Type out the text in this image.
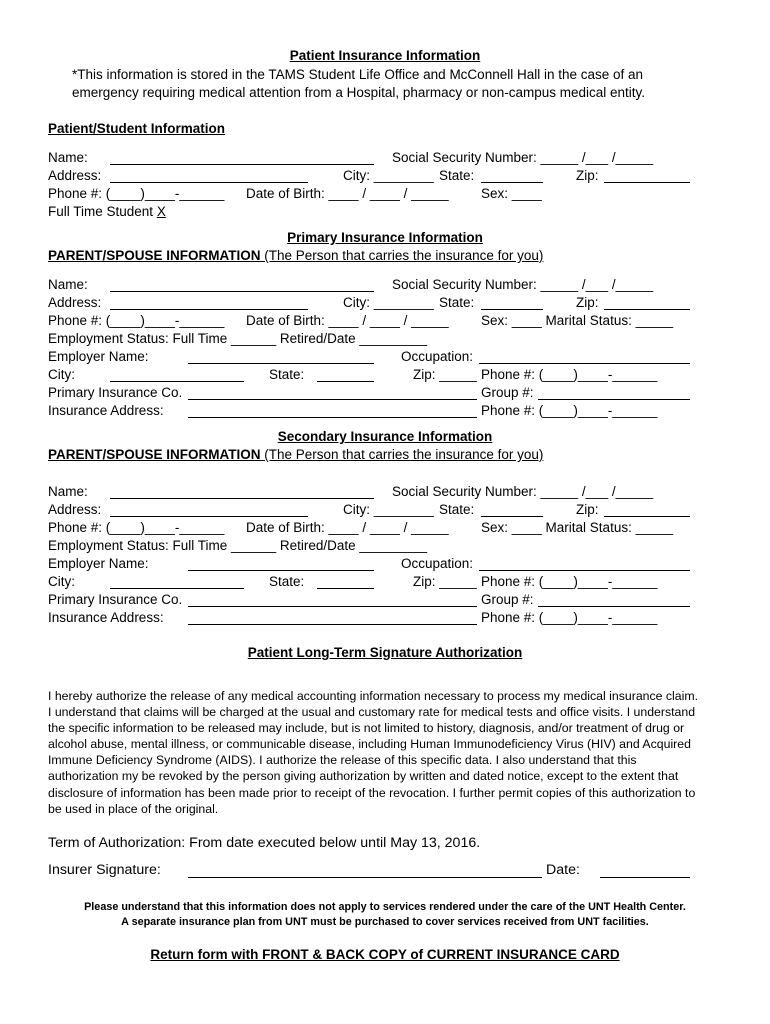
Patient Insurance Information
*This information is stored in the TAMS Student Life Office and McConnell Hall in the case of an
emergency requiring medical attention from a Hospital, pharmacy or non-campus medical entity.
Patient/Student Information
Name:	Social Security Number: _____ /___ /_____
Address:	City: ________ State:	Zip:
Phone #: (____)____-______ Date of Birth: ____ / ____ / _____ Sex: ____
Full Time Student X
Primary Insurance Information
PARENT/SPOUSE INFORMATION (The Person that carries the insurance for you)
Name:	Social Security Number: _____ /___ /_____
Address:	City: ________ State:	Zip:
Phone #: (____)____-______ Date of Birth: ____ / ____ / _____ Sex: ____ Marital Status: _____
Employment Status: Full Time ______ Retired/Date _________
Employer Name:	Occupation:
City:	State:	Zip: _____ Phone #: (____)____-______
Primary Insurance Co.	Group #:
Insurance Address:	Phone #: (____)____-______
Secondary Insurance Information
PARENT/SPOUSE INFORMATION (The Person that carries the insurance for you)
Name:	Social Security Number: _____ /___ /_____
Address:	City: ________ State:	Zip:
Phone #: (____)____-______ Date of Birth: ____ / ____ / _____ Sex: ____ Marital Status: _____
Employment Status: Full Time ______ Retired/Date _________
Employer Name:	Occupation:
City:	State:	Zip: _____ Phone #: (____)____-______
Primary Insurance Co.	Group #:
Insurance Address:	Phone #: (____)____-______
Patient Long-Term Signature Authorization
I hereby authorize the release of any medical accounting information necessary to process my medical insurance claim. I understand that claims will be charged at the usual and customary rate for medical tests and office visits. I understand the specific information to be released may include, but is not limited to history, diagnosis, and/or treatment of drug or alcohol abuse, mental illness, or communicable disease, including Human Immunodeficiency Virus (HIV) and Acquired Immune Deficiency Syndrome (AIDS). I authorize the release of this specific data. I also understand that this authorization my be revoked by the person giving authorization by written and dated notice, except to the extent that disclosure of information has been made prior to receipt of the revocation. I further permit copies of this authorization to be used in place of the original.
Term of Authorization: From date executed below until May 13, 2016.
Insurer Signature:	Date:
Please understand that this information does not apply to services rendered under the care of the UNT Health Center.
A separate insurance plan from UNT must be purchased to cover services received from UNT facilities.
Return form with FRONT & BACK COPY of CURRENT INSURANCE CARD
